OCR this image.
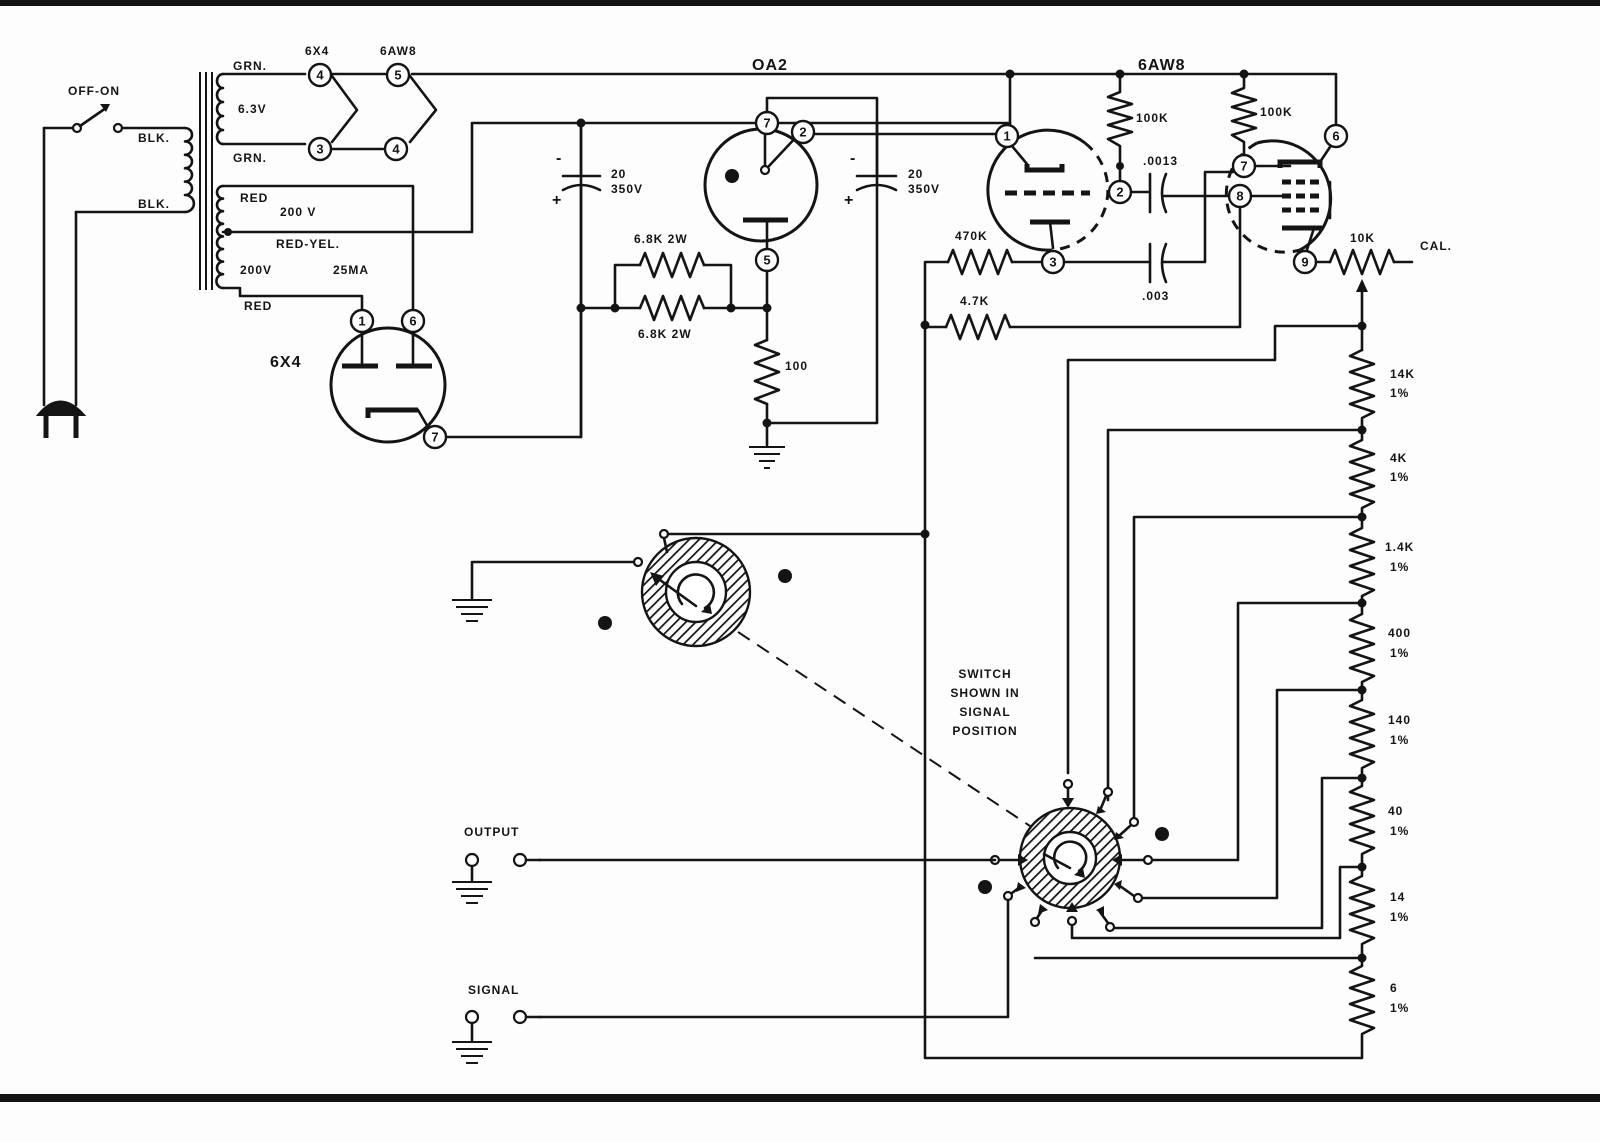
OFF-ON
BLK.
BLK.
GRN.
6.3V
GRN.
RED
200 V
RED-YEL.
200V	25MA
RED
6X4	6AW8
4
3
5
4
1	6
7
6X4
-
+
20
350V
6.8K 2W
6.8K 2W
7
2
5
OA2
100
-
+
20
350V
1
2
3
6
7
8
9
6AW8
100K	100K
.0013
.003
470K
4.7K
10K
CAL.
14K
1%
4K
1%
1.4K
1%
400
1%
140
1%
40
1%
14
1%
6
1%
SWITCH
SHOWN IN
SIGNAL
POSITION
OUTPUT
SIGNAL
